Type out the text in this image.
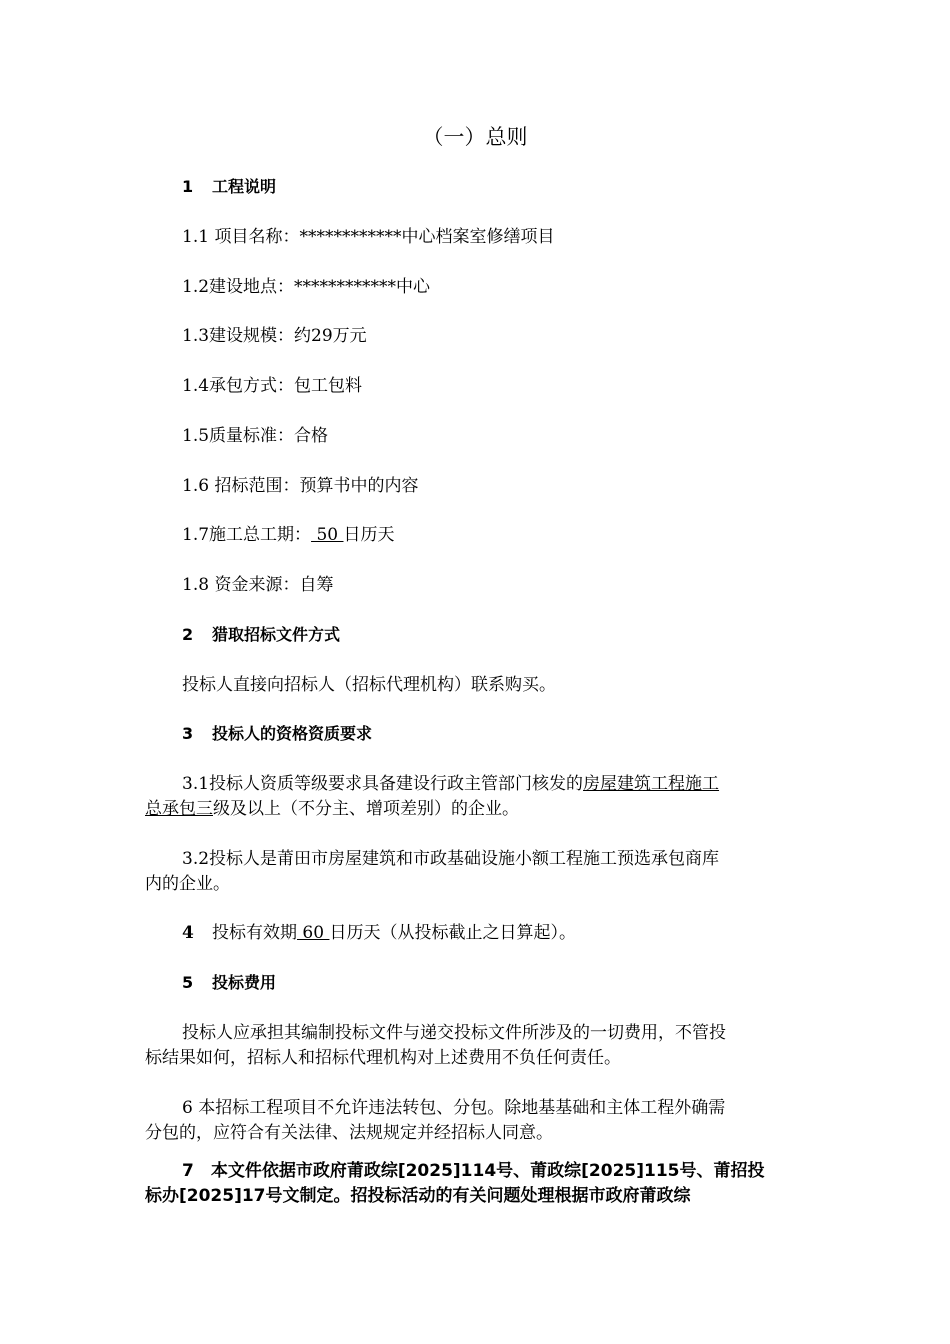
（一）总则
1 工程说明
1.1 项目名称：************中心档案室修缮项目
1.2建设地点：************中心
1.3建设规模：约29万元
1.4承包方式：包工包料
1.5质量标准：合格
1.6 招标范围：预算书中的内容
1.7施工总工期： 50 日历天
1.8 资金来源：自筹
2 猎取招标文件方式
投标人直接向招标人（招标代理机构）联系购买。
3 投标人的资格资质要求
3.1投标人资质等级要求具备建设行政主管部门核发的房屋建筑工程施工
总承包三级及以上（不分主、增项差别）的企业。
3.2投标人是莆田市房屋建筑和市政基础设施小额工程施工预选承包商库
内的企业。
4 投标有效期 60 日历天（从投标截止之日算起）。
5 投标费用
投标人应承担其编制投标文件与递交投标文件所涉及的一切费用，不管投
标结果如何，招标人和招标代理机构对上述费用不负任何责任。
6 本招标工程项目不允许违法转包、分包。除地基基础和主体工程外确需
分包的，应符合有关法律、法规规定并经招标人同意。
7　本文件依据市政府莆政综[2025]114号、莆政综[2025]115号、莆招投
标办[2025]17号文制定。招投标活动的有关问题处理根据市政府莆政综
